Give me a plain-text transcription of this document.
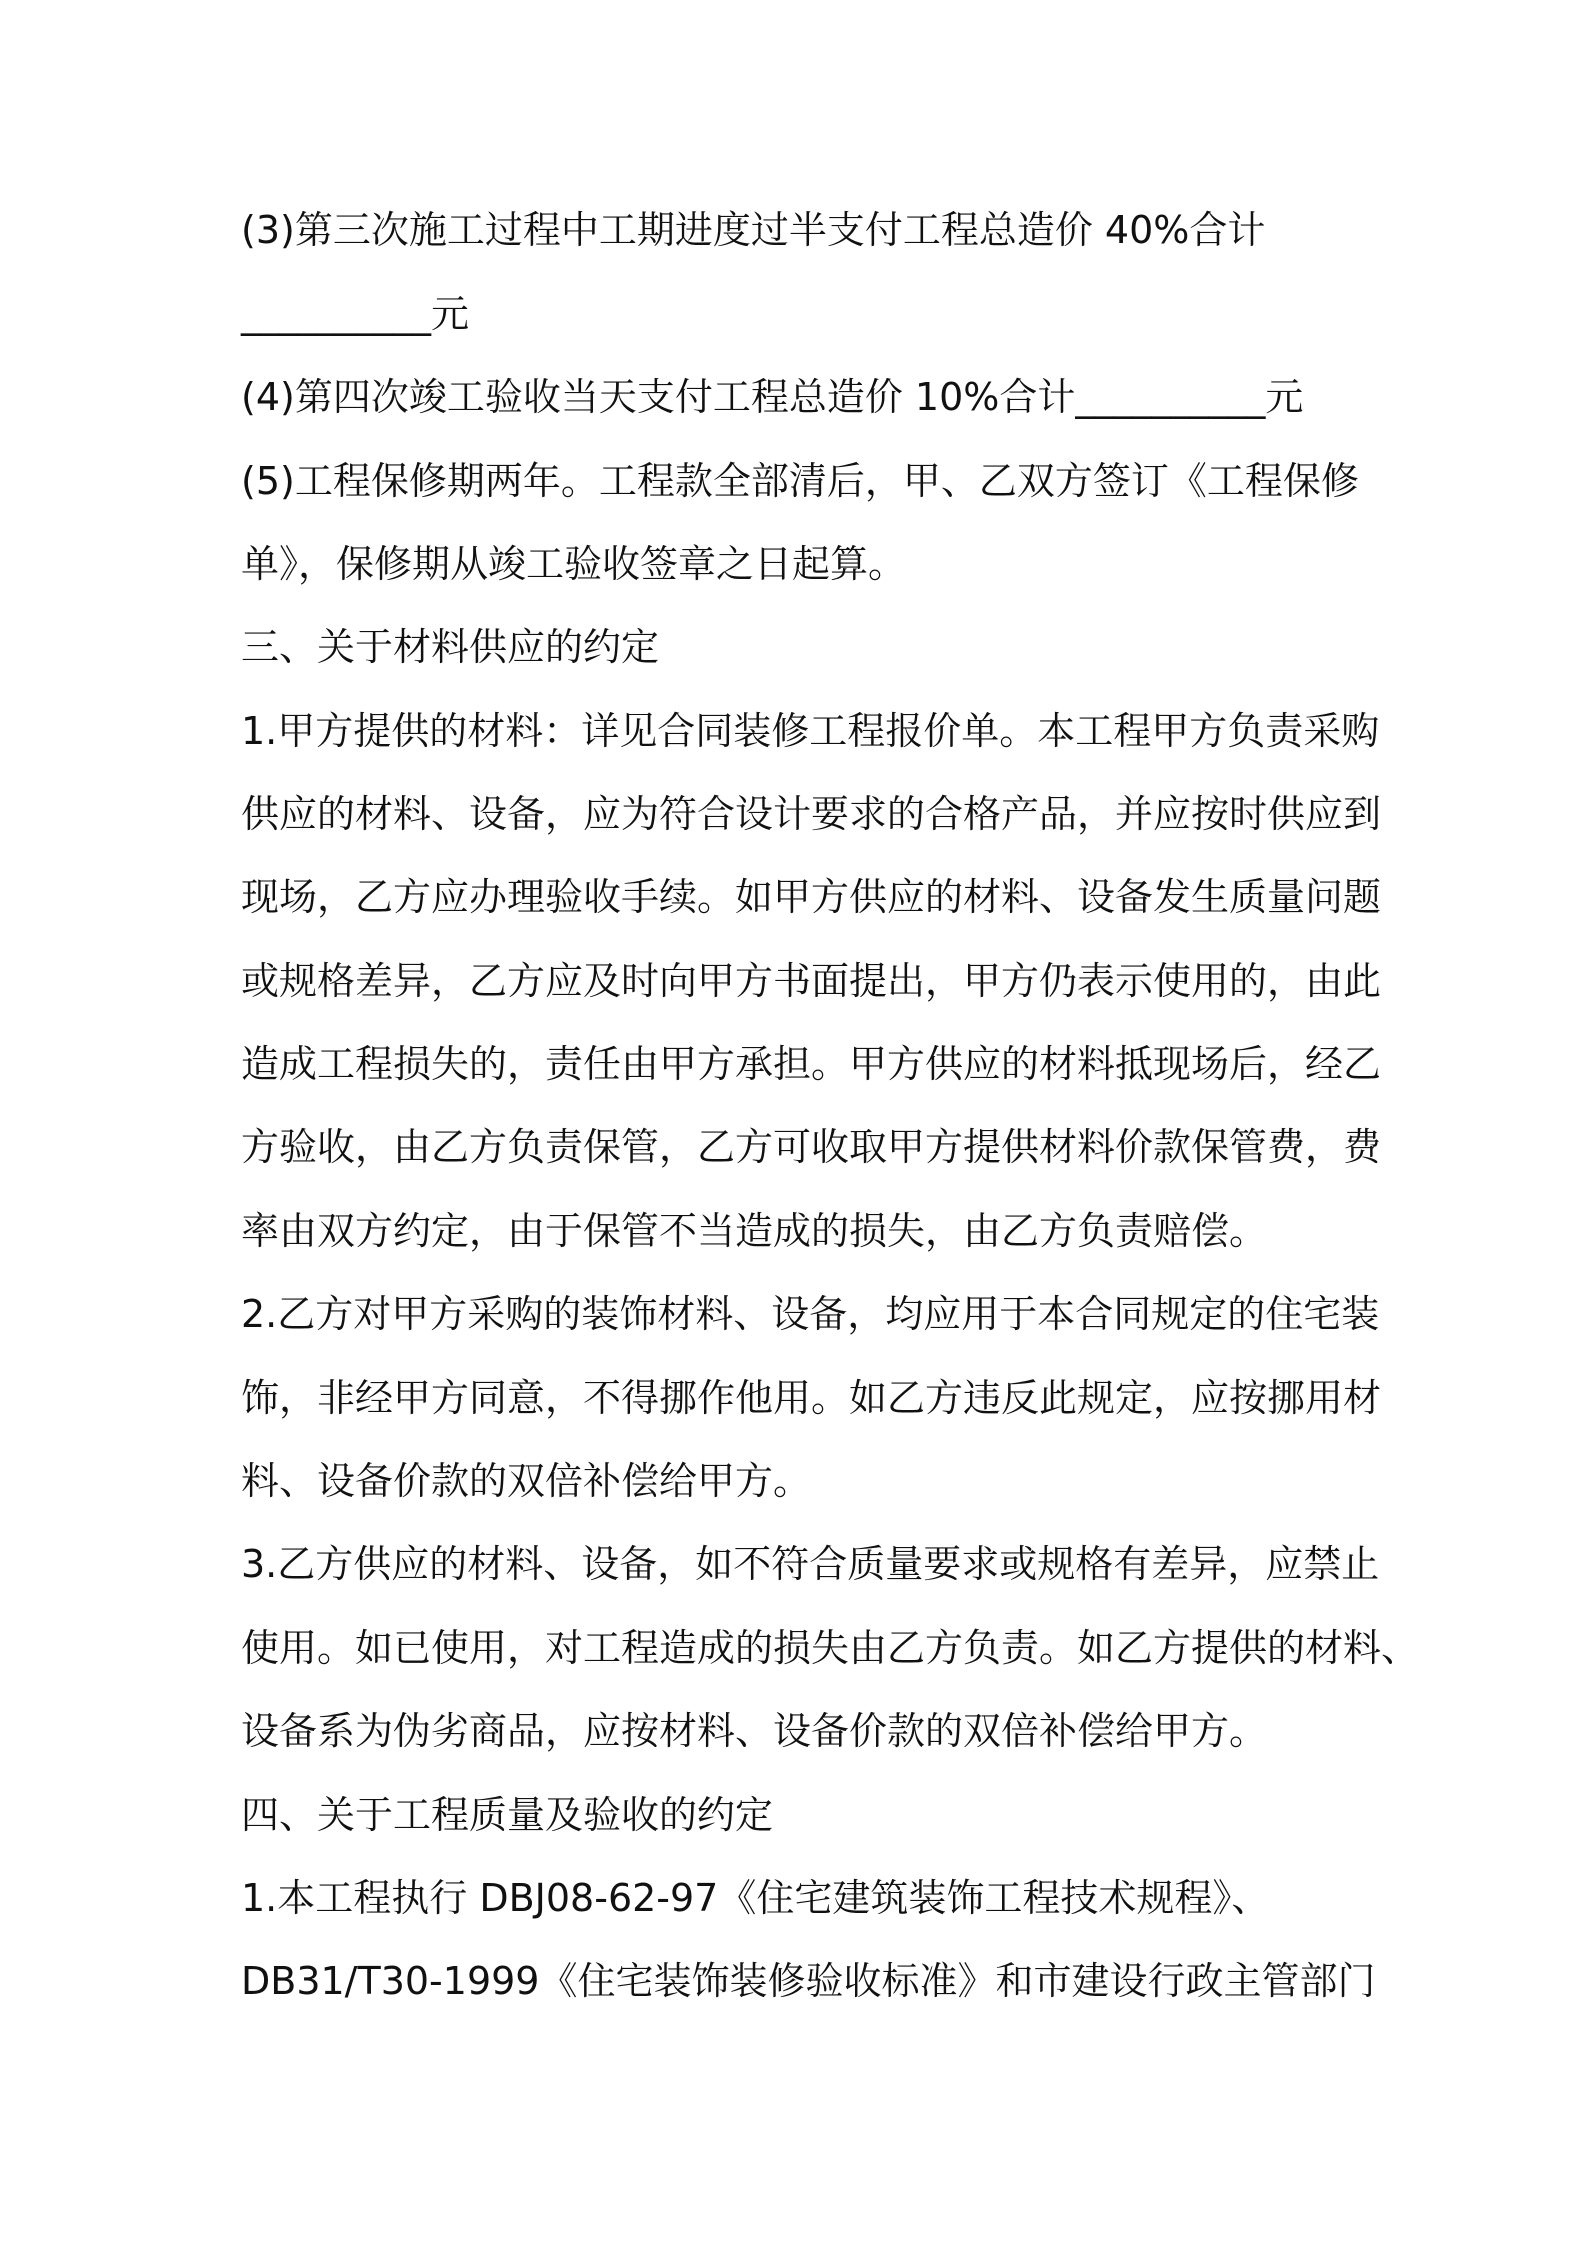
(3)第三次施工过程中工期进度过半支付工程总造价 40%合计
__________元
(4)第四次竣工验收当天支付工程总造价 10%合计__________元
(5)工程保修期两年。工程款全部清后，甲、乙双方签订《工程保修
单》，保修期从竣工验收签章之日起算。
三、关于材料供应的约定
1.甲方提供的材料：详见合同装修工程报价单。本工程甲方负责采购
供应的材料、设备，应为符合设计要求的合格产品，并应按时供应到
现场，乙方应办理验收手续。如甲方供应的材料、设备发生质量问题
或规格差异，乙方应及时向甲方书面提出，甲方仍表示使用的，由此
造成工程损失的，责任由甲方承担。甲方供应的材料抵现场后，经乙
方验收，由乙方负责保管，乙方可收取甲方提供材料价款保管费，费
率由双方约定，由于保管不当造成的损失，由乙方负责赔偿。
2.乙方对甲方采购的装饰材料、设备，均应用于本合同规定的住宅装
饰，非经甲方同意，不得挪作他用。如乙方违反此规定，应按挪用材
料、设备价款的双倍补偿给甲方。
3.乙方供应的材料、设备，如不符合质量要求或规格有差异，应禁止
使用。如已使用，对工程造成的损失由乙方负责。如乙方提供的材料、
设备系为伪劣商品，应按材料、设备价款的双倍补偿给甲方。
四、关于工程质量及验收的约定
1.本工程执行 DBJ08-62-97《住宅建筑装饰工程技术规程》、
DB31/T30-1999《住宅装饰装修验收标准》和市建设行政主管部门
